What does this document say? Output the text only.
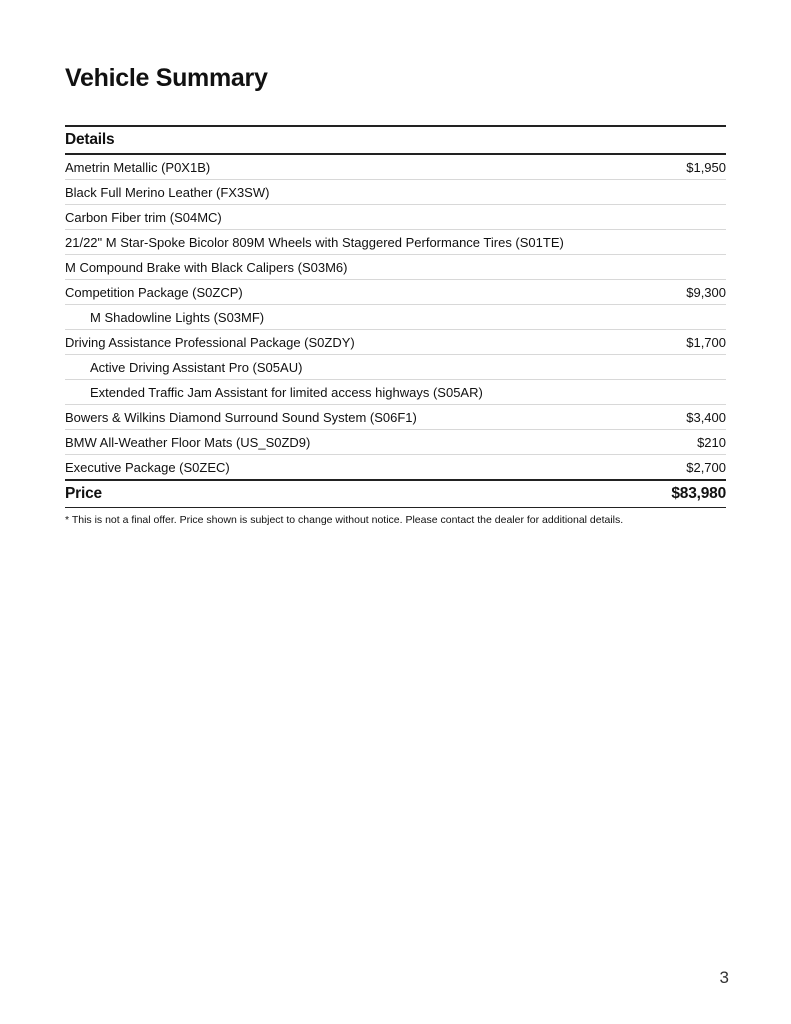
Vehicle Summary
Details
Ametrin Metallic (P0X1B)	$1,950
Black Full Merino Leather (FX3SW)
Carbon Fiber trim (S04MC)
21/22" M Star-Spoke Bicolor 809M Wheels with Staggered Performance Tires (S01TE)
M Compound Brake with Black Calipers (S03M6)
Competition Package (S0ZCP)	$9,300
M Shadowline Lights (S03MF)
Driving Assistance Professional Package (S0ZDY)	$1,700
Active Driving Assistant Pro (S05AU)
Extended Traffic Jam Assistant for limited access highways (S05AR)
Bowers & Wilkins Diamond Surround Sound System (S06F1)	$3,400
BMW All-Weather Floor Mats (US_S0ZD9)	$210
Executive Package (S0ZEC)	$2,700
Price	$83,980
* This is not a final offer. Price shown is subject to change without notice. Please contact the dealer for additional details.
3
